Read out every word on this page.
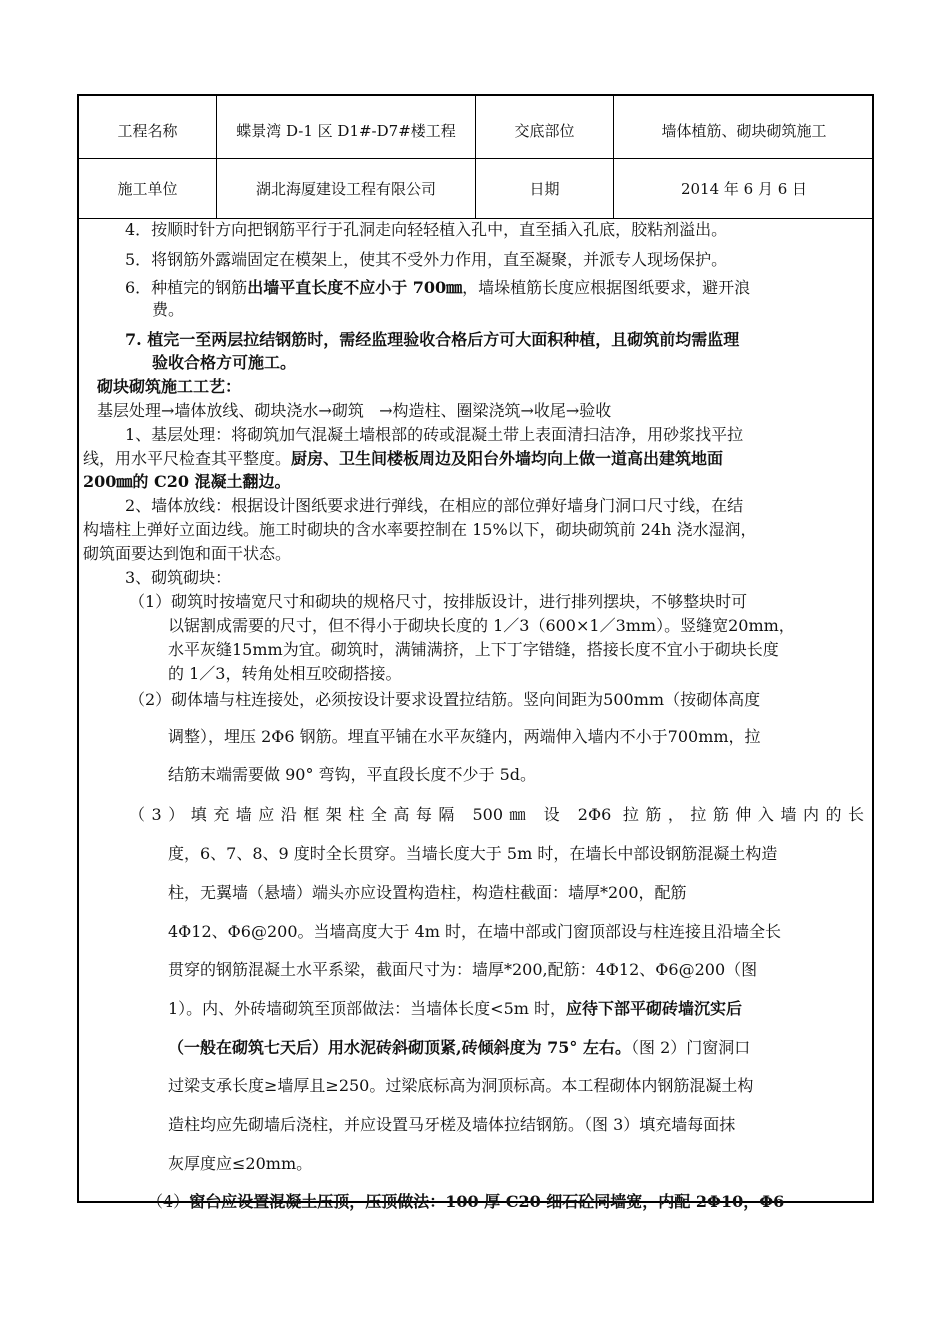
工程名称	蝶景湾 D-1 区 D1#-D7#楼工程	交底部位	墙体植筋、砌块砌筑施工
施工单位	湖北海厦建设工程有限公司	日期	2014 年 6 月 6 日
4．按顺时针方向把钢筋平行于孔洞走向轻轻植入孔中，直至插入孔底，胶粘剂溢出。
5．将钢筋外露端固定在模架上，使其不受外力作用，直至凝聚，并派专人现场保护。
6．种植完的钢筋出墙平直长度不应小于 700㎜，墙垛植筋长度应根据图纸要求，避开浪
费。
7. 植完一至两层拉结钢筋时，需经监理验收合格后方可大面积种植，且砌筑前均需监理
验收合格方可施工。
砌块砌筑施工工艺：
基层处理→墙体放线、砌块浇水→砌筑   →构造柱、圈梁浇筑→收尾→验收
1、基层处理：将砌筑加气混凝土墙根部的砖或混凝土带上表面清扫洁净，用砂浆找平拉
线，用水平尺检查其平整度。厨房、卫生间楼板周边及阳台外墙均向上做一道高出建筑地面
200㎜的 C20 混凝土翻边。
2、墙体放线：根据设计图纸要求进行弹线，在相应的部位弹好墙身门洞口尺寸线，在结
构墙柱上弹好立面边线。施工时砌块的含水率要控制在 15%以下，砌块砌筑前 24h 浇水湿润，
砌筑面要达到饱和面干状态。
3、砌筑砌块：
（1）砌筑时按墙宽尺寸和砌块的规格尺寸，按排版设计，进行排列摆块，不够整块时可
以锯割成需要的尺寸，但不得小于砌块长度的 1／3（600×1／3mm）。竖缝宽20mm，
水平灰缝15mm为宜。砌筑时，满铺满挤，上下丁字错缝，搭接长度不宜小于砌块长度
的 1／3，转角处相互咬砌搭接。
（2）砌体墙与柱连接处，必须按设计要求设置拉结筋。竖向间距为500mm（按砌体高度
调整），埋压 2Φ6 钢筋。埋直平铺在水平灰缝内，两端伸入墙内不小于700mm，拉
结筋末端需要做 90° 弯钩，平直段长度不少于 5d。
（3）填充墙应沿框架柱全高每隔 500㎜ 设 2Φ6 拉筋，拉筋伸入墙内的长
度，6、7、8、9 度时全长贯穿。当墙长度大于 5m 时，在墙长中部设钢筋混凝土构造
柱，无翼墙（悬墙）端头亦应设置构造柱，构造柱截面：墙厚*200，配筋
4Φ12、Φ6@200。当墙高度大于 4m 时，在墙中部或门窗顶部设与柱连接且沿墙全长
贯穿的钢筋混凝土水平系梁，截面尺寸为：墙厚*200,配筋：4Φ12、Φ6@200（图
1）。内、外砖墙砌筑至顶部做法：当墙体长度<5m 时，应待下部平砌砖墙沉实后
（一般在砌筑七天后）用水泥砖斜砌顶紧,砖倾斜度为 75° 左右。（图 2）门窗洞口
过梁支承长度≥墙厚且≥250。过梁底标高为洞顶标高。本工程砌体内钢筋混凝土构
造柱均应先砌墙后浇柱，并应设置马牙槎及墙体拉结钢筋。（图 3）填充墙每面抹
灰厚度应≤20mm。
（4）窗台应设置混凝土压顶，压顶做法：100 厚 C20 细石砼同墙宽，内配 2Φ10，Φ6
